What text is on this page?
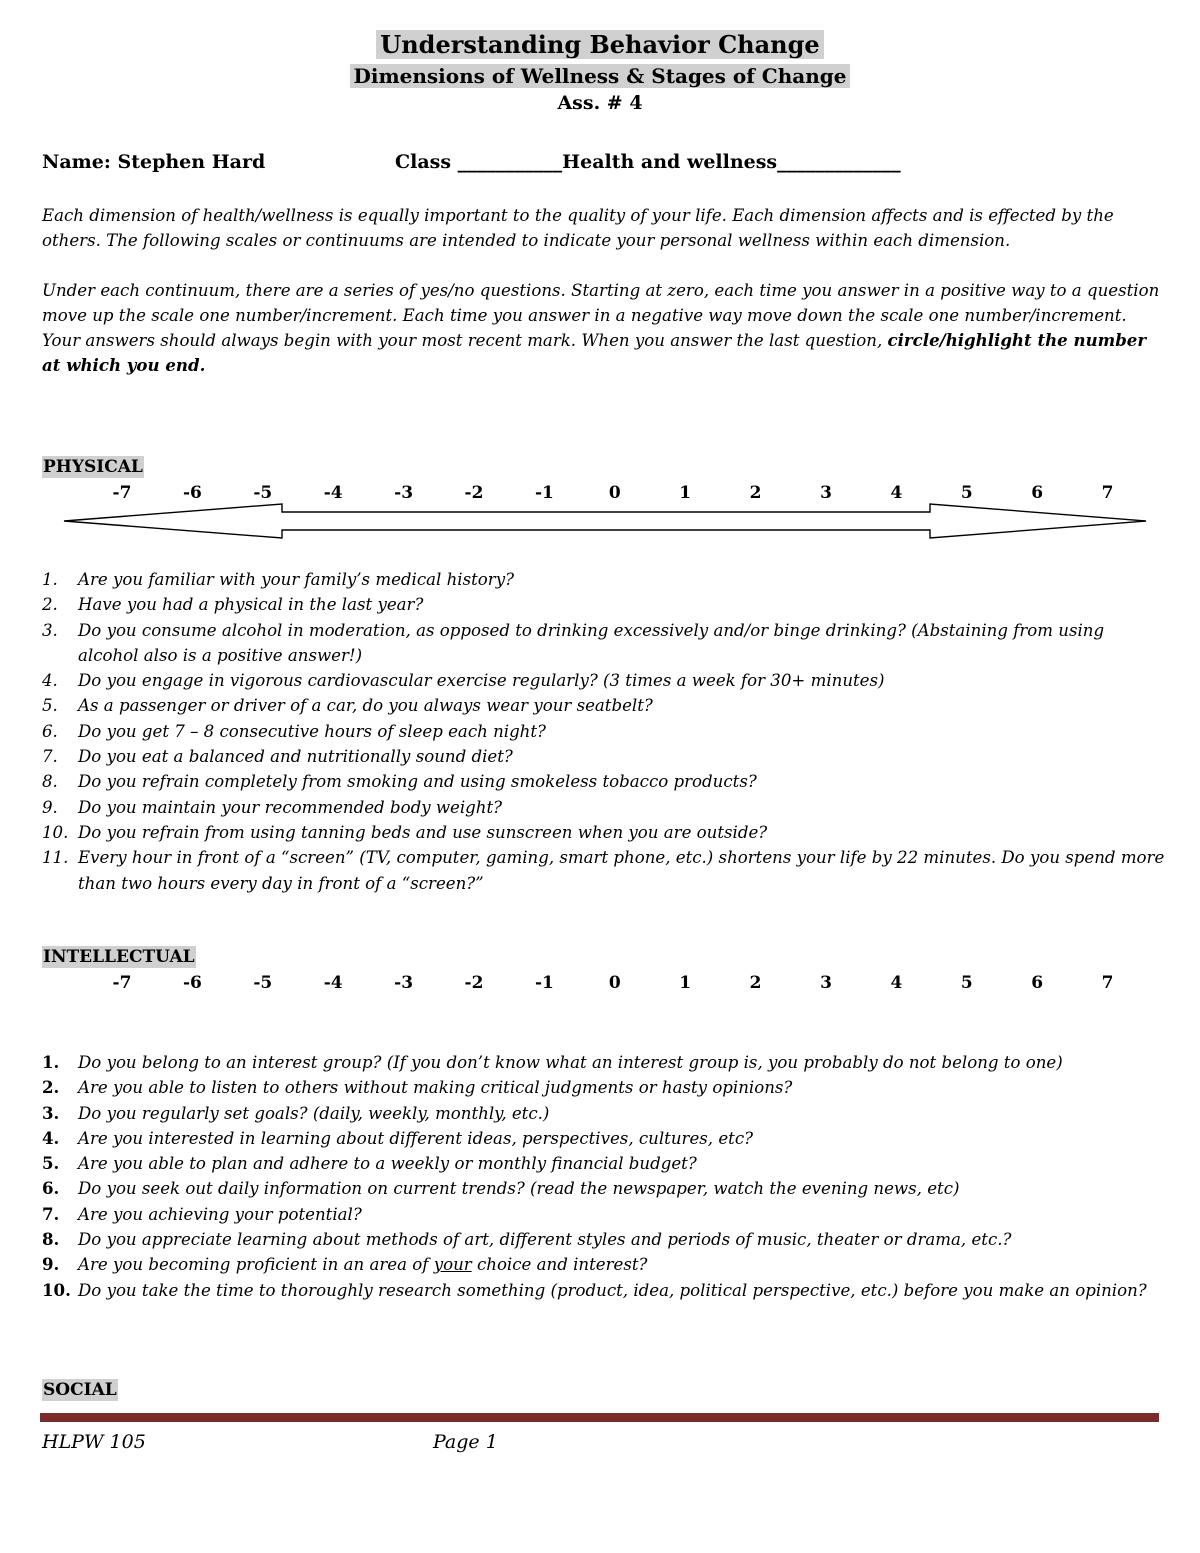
Understanding Behavior Change
Dimensions of Wellness & Stages of Change
Ass. # 4
Name: Stephen Hard	Class ___________Health and wellness_____________
Each dimension of health/wellness is equally important to the quality of your life. Each dimension affects and is effected by the others. The following scales or continuums are intended to indicate your personal wellness within each dimension.
Under each continuum, there are a series of yes/no questions. Starting at zero, each time you answer in a positive way to a question move up the scale one number/increment. Each time you answer in a negative way move down the scale one number/increment. Your answers should always begin with your most recent mark. When you answer the last question, circle/highlight the number at which you end.
PHYSICAL
-7	-6	-5	-4	-3	-2	-1	0	1	2	3	4	5	6	7
1. Are you familiar with your family’s medical history?
2. Have you had a physical in the last year?
3. Do you consume alcohol in moderation, as opposed to drinking excessively and/or binge drinking? (Abstaining from using alcohol also is a positive answer!)
4. Do you engage in vigorous cardiovascular exercise regularly? (3 times a week for 30+ minutes)
5. As a passenger or driver of a car, do you always wear your seatbelt?
6. Do you get 7 – 8 consecutive hours of sleep each night?
7. Do you eat a balanced and nutritionally sound diet?
8. Do you refrain completely from smoking and using smokeless tobacco products?
9. Do you maintain your recommended body weight?
10. Do you refrain from using tanning beds and use sunscreen when you are outside?
11. Every hour in front of a “screen” (TV, computer, gaming, smart phone, etc.) shortens your life by 22 minutes. Do you spend more than two hours every day in front of a “screen?”
INTELLECTUAL
-7	-6	-5	-4	-3	-2	-1	0	1	2	3	4	5	6	7
1. Do you belong to an interest group? (If you don’t know what an interest group is, you probably do not belong to one)
2. Are you able to listen to others without making critical judgments or hasty opinions?
3. Do you regularly set goals? (daily, weekly, monthly, etc.)
4. Are you interested in learning about different ideas, perspectives, cultures, etc?
5. Are you able to plan and adhere to a weekly or monthly financial budget?
6. Do you seek out daily information on current trends? (read the newspaper, watch the evening news, etc)
7. Are you achieving your potential?
8. Do you appreciate learning about methods of art, different styles and periods of music, theater or drama, etc.?
9. Are you becoming proficient in an area of your choice and interest?
10. Do you take the time to thoroughly research something (product, idea, political perspective, etc.) before you make an opinion?
SOCIAL
HLPW 105	Page 1
